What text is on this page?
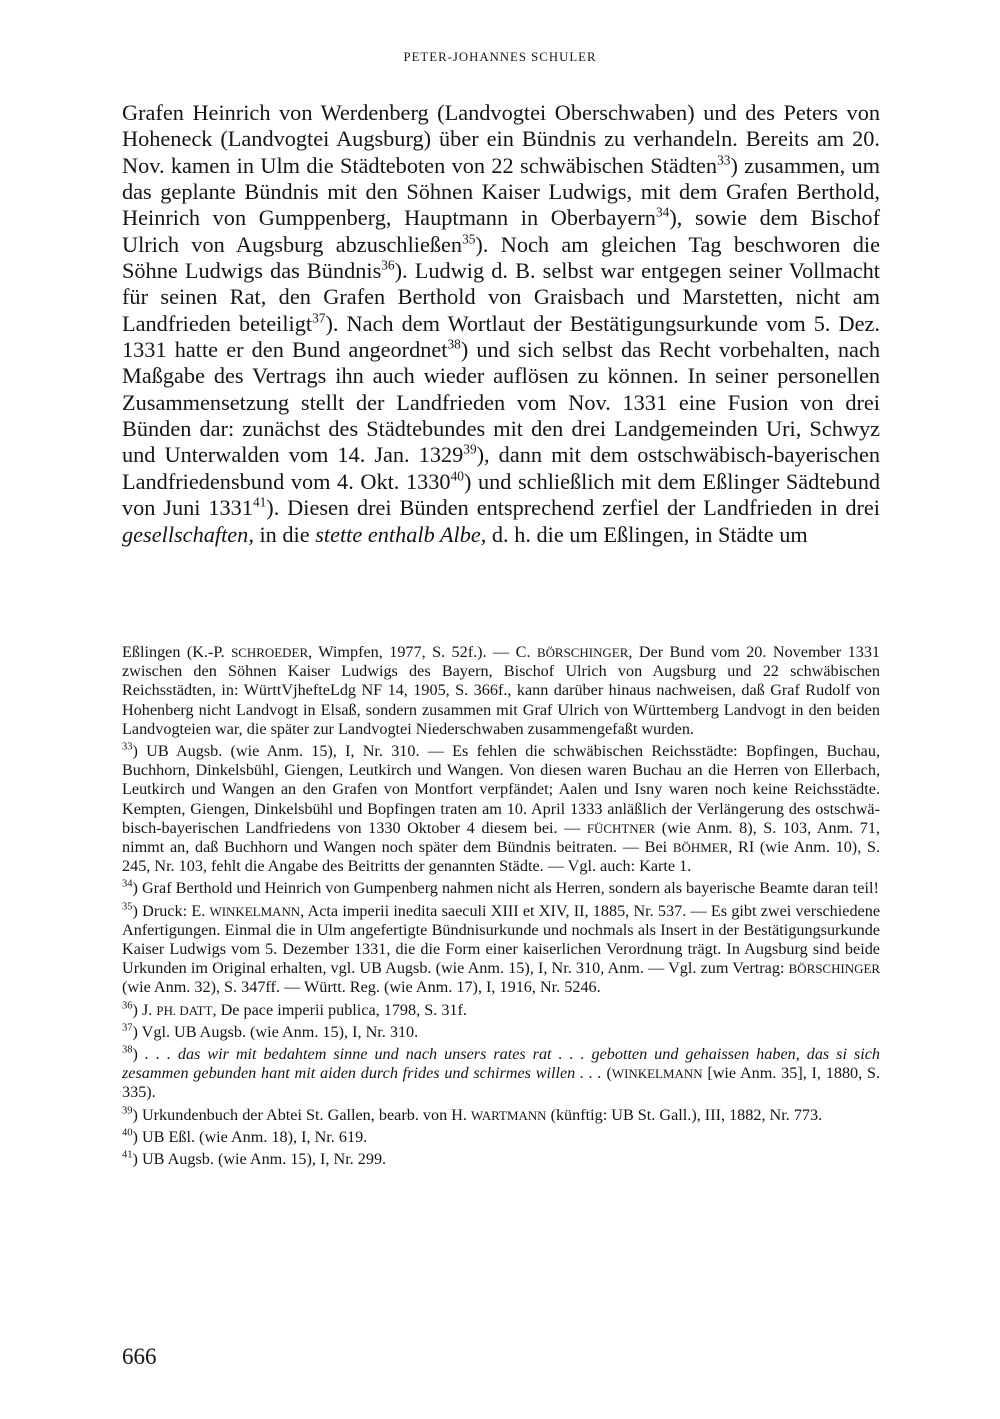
PETER-JOHANNES SCHULER

Grafen Heinrich von Werdenberg (Landvogtei Oberschwaben) und des Peters von Hoheneck (Landvogtei Augsburg) über ein Bündnis zu verhandeln. Bereits am 20. Nov. kamen in Ulm die Städteboten von 22 schwäbischen Städten$^{33}$) zusammen, um das geplante Bündnis mit den Söhnen Kaiser Ludwigs, mit dem Grafen Berthold, Heinrich von Gumppenberg, Hauptmann in Oberbayern$^{34}$), sowie dem Bischof Ulrich von Augsburg abzuschließen$^{35}$). Noch am gleichen Tag beschworen die Söhne Ludwigs das Bündnis$^{36}$). Ludwig d. B. selbst war entgegen seiner Vollmacht für seinen Rat, den Grafen Berthold von Graisbach und Marstetten, nicht am Landfrieden beteiligt$^{37}$). Nach dem Wortlaut der Bestätigungsurkunde vom 5. Dez. 1331 hatte er den Bund angeordnet$^{38}$) und sich selbst das Recht vorbehalten, nach Maßgabe des Vertrags ihn auch wieder auflösen zu können. In seiner personellen Zusammensetzung stellt der Landfrieden vom Nov. 1331 eine Fusion von drei Bünden dar: zunächst des Städtebundes mit den drei Landgemeinden Uri, Schwyz und Unterwalden vom 14. Jan. 1329$^{39}$), dann mit dem ostschwäbisch-bayerischen Landfriedensbund vom 4. Okt. 1330$^{40}$) und schließlich mit dem Eßlinger Sädtebund von Juni 1331$^{41}$). Diesen drei Bünden entsprechend zerfiel der Landfrieden in drei gesellschaften, in die stette enthalb Albe, d. h. die um Eßlingen, in Städte um

Eßlingen (K.-P. SCHROEDER, Wimpfen, 1977, S. 52f.). — C. BÖRSCHINGER, Der Bund vom 20. November 1331 zwischen den Söhnen Kaiser Ludwigs des Bayern, Bischof Ulrich von Augsburg und 22 schwäbischen Reichsstädten, in: WürttVjhefteLdg NF 14, 1905, S. 366f., kann darüber hinaus nachweisen, daß Graf Rudolf von Hohenberg nicht Landvogt in Elsaß, sondern zusammen mit Graf Ulrich von Württemberg Landvogt in den beiden Landvogteien war, die später zur Landvogtei Niederschwaben zusammengefaßt wurden.

$^{33}$) UB Augsb. (wie Anm. 15), I, Nr. 310. — Es fehlen die schwäbischen Reichsstädte: Bopfingen, Buchau, Buchhorn, Dinkelsbühl, Giengen, Leutkirch und Wangen. Von diesen waren Buchau an die Herren von Ellerbach, Leutkirch und Wangen an den Grafen von Montfort verpfändet; Aalen und Isny waren noch keine Reichsstädte. Kempten, Giengen, Dinkelsbühl und Bopfingen traten am 10. April 1333 anläßlich der Verlängerung des ostschwäbisch-bayerischen Landfriedens von 1330 Oktober 4 diesem bei. — FÜCHTNER (wie Anm. 8), S. 103, Anm. 71, nimmt an, daß Buchhorn und Wangen noch später dem Bündnis beitraten. — Bei BÖHMER, RI (wie Anm. 10), S. 245, Nr. 103, fehlt die Angabe des Beitritts der genannten Städte. — Vgl. auch: Karte 1.

$^{34}$) Graf Berthold und Heinrich von Gumpenberg nahmen nicht als Herren, sondern als bayerische Beamte daran teil!

$^{35}$) Druck: E. WINKELMANN, Acta imperii inedita saeculi XIII et XIV, II, 1885, Nr. 537. — Es gibt zwei verschiedene Anfertigungen. Einmal die in Ulm angefertigte Bündnisurkunde und nochmals als Insert in der Bestätigungsurkunde Kaiser Ludwigs vom 5. Dezember 1331, die die Form einer kaiserlichen Verordnung trägt. In Augsburg sind beide Urkunden im Original erhalten, vgl. UB Augsb. (wie Anm. 15), I, Nr. 310, Anm. — Vgl. zum Vertrag: BÖRSCHINGER (wie Anm. 32), S. 347ff. — Württ. Reg. (wie Anm. 17), I, 1916, Nr. 5246.

$^{36}$) J. PH. DATT, De pace imperii publica, 1798, S. 31f.

$^{37}$) Vgl. UB Augsb. (wie Anm. 15), I, Nr. 310.

$^{38}$) . . . das wir mit bedahtem sinne und nach unsers rates rat . . . gebotten und gehaissen haben, das si sich zesammen gebunden hant mit aiden durch frides und schirmes willen . . . (WINKELMANN [wie Anm. 35], I, 1880, S. 335).

$^{39}$) Urkundenbuch der Abtei St. Gallen, bearb. von H. WARTMANN (künftig: UB St. Gall.), III, 1882, Nr. 773.

$^{40}$) UB Eßl. (wie Anm. 18), I, Nr. 619.

$^{41}$) UB Augsb. (wie Anm. 15), I, Nr. 299.

666
